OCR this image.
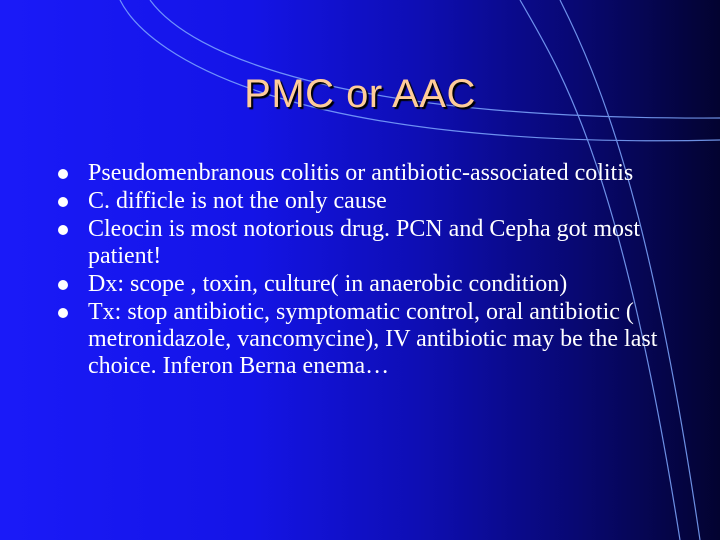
PMC or AAC
Pseudomenbranous colitis or antibiotic-associated colitis
C. difficle is not the only cause
Cleocin is most notorious drug. PCN and Cepha got most patient!
Dx: scope , toxin, culture( in anaerobic condition)
Tx: stop antibiotic, symptomatic control, oral antibiotic ( metronidazole, vancomycine), IV antibiotic may be the last choice. Inferon Berna enema…
